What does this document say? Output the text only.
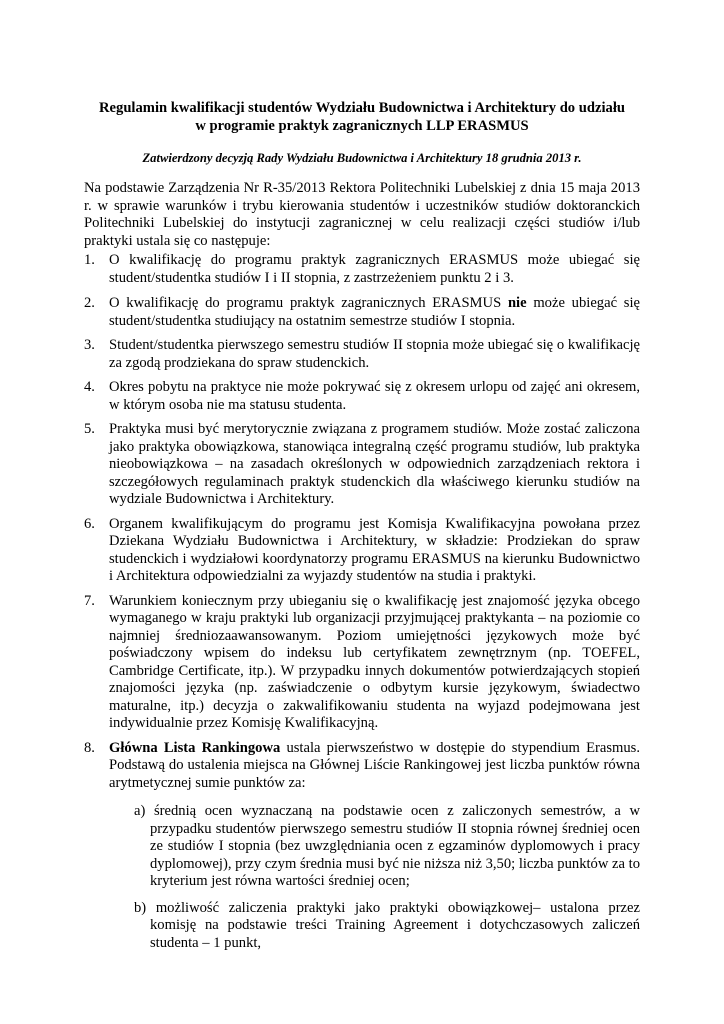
Regulamin kwalifikacji studentów Wydziału Budownictwa i Architektury do udziału
w programie praktyk zagranicznych LLP ERASMUS
Zatwierdzony decyzją Rady Wydziału Budownictwa i Architektury 18 grudnia 2013 r.
Na podstawie Zarządzenia Nr R-35/2013 Rektora Politechniki Lubelskiej z dnia 15 maja 2013 r. w sprawie warunków i trybu kierowania studentów i uczestników studiów doktoranckich Politechniki Lubelskiej do instytucji zagranicznej w celu realizacji części studiów i/lub praktyki ustala się co następuje:
1. O kwalifikację do programu praktyk zagranicznych ERASMUS może ubiegać się student/studentka studiów I i II stopnia, z zastrzeżeniem punktu 2 i 3.
2. O kwalifikację do programu praktyk zagranicznych ERASMUS nie może ubiegać się student/studentka studiujący na ostatnim semestrze studiów I stopnia.
3. Student/studentka pierwszego semestru studiów II stopnia może ubiegać się o kwalifikację za zgodą prodziekana do spraw studenckich.
4. Okres pobytu na praktyce nie może pokrywać się z okresem urlopu od zajęć ani okresem, w którym osoba nie ma statusu studenta.
5. Praktyka musi być merytorycznie związana z programem studiów. Może zostać zaliczona jako praktyka obowiązkowa, stanowiąca integralną część programu studiów, lub praktyka nieobowiązkowa – na zasadach określonych w odpowiednich zarządzeniach rektora i szczegółowych regulaminach praktyk studenckich dla właściwego kierunku studiów na wydziale Budownictwa i Architektury.
6. Organem kwalifikującym do programu jest Komisja Kwalifikacyjna powołana przez Dziekana Wydziału Budownictwa i Architektury, w składzie: Prodziekan do spraw studenckich i wydziałowi koordynatorzy programu ERASMUS na kierunku Budownictwo i Architektura odpowiedzialni za wyjazdy studentów na studia i praktyki.
7. Warunkiem koniecznym przy ubieganiu się o kwalifikację jest znajomość języka obcego wymaganego w kraju praktyki lub organizacji przyjmującej praktykanta – na poziomie co najmniej średniozaawansowanym. Poziom umiejętności językowych może być poświadczony wpisem do indeksu lub certyfikatem zewnętrznym (np. TOEFEL, Cambridge Certificate, itp.). W przypadku innych dokumentów potwierdzających stopień znajomości języka (np. zaświadczenie o odbytym kursie językowym, świadectwo maturalne, itp.) decyzja o zakwalifikowaniu studenta na wyjazd podejmowana jest indywidualnie przez Komisję Kwalifikacyjną.
8. Główna Lista Rankingowa ustala pierwszeństwo w dostępie do stypendium Erasmus. Podstawą do ustalenia miejsca na Głównej Liście Rankingowej jest liczba punktów równa arytmetycznej sumie punktów za:
a) średnią ocen wyznaczaną na podstawie ocen z zaliczonych semestrów, a w przypadku studentów pierwszego semestru studiów II stopnia równej średniej ocen ze studiów I stopnia (bez uwzględniania ocen z egzaminów dyplomowych i pracy dyplomowej), przy czym średnia musi być nie niższa niż 3,50; liczba punktów za to kryterium jest równa wartości średniej ocen;
b) możliwość zaliczenia praktyki jako praktyki obowiązkowej– ustalona przez komisję na podstawie treści Training Agreement i dotychczasowych zaliczeń studenta – 1 punkt,
